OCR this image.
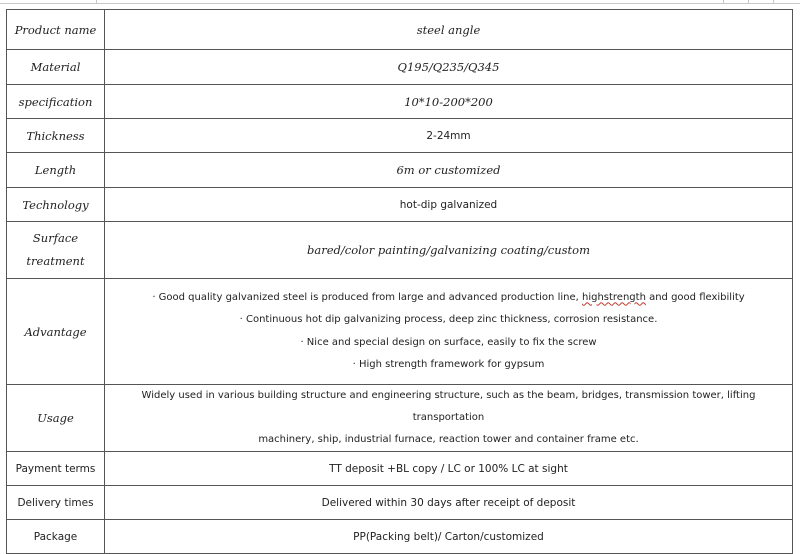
Product name	steel angle
Material	Q195/Q235/Q345
specification	10*10-200*200
Thickness	2-24mm
Length	6m or customized
Technology	hot-dip galvanized

Surface
treatment	bared/color painting/galvanizing coating/custom
Advantage	· Good quality galvanized steel is produced from large and advanced production line, highstrength and good flexibility
· Continuous hot dip galvanizing process, deep zinc thickness, corrosion resistance.
· Nice and special design on surface, easily to fix the screw
· High strength framework for gypsum

Usage	Widely used in various building structure and engineering structure, such as the beam, bridges, transmission tower, lifting transportation
machinery, ship, industrial furnace, reaction tower and container frame etc.

Payment terms	TT deposit +BL copy / LC or 100% LC at sight
Delivery times	Delivered within 30 days after receipt of deposit
Package	PP(Packing belt)/ Carton/customized
